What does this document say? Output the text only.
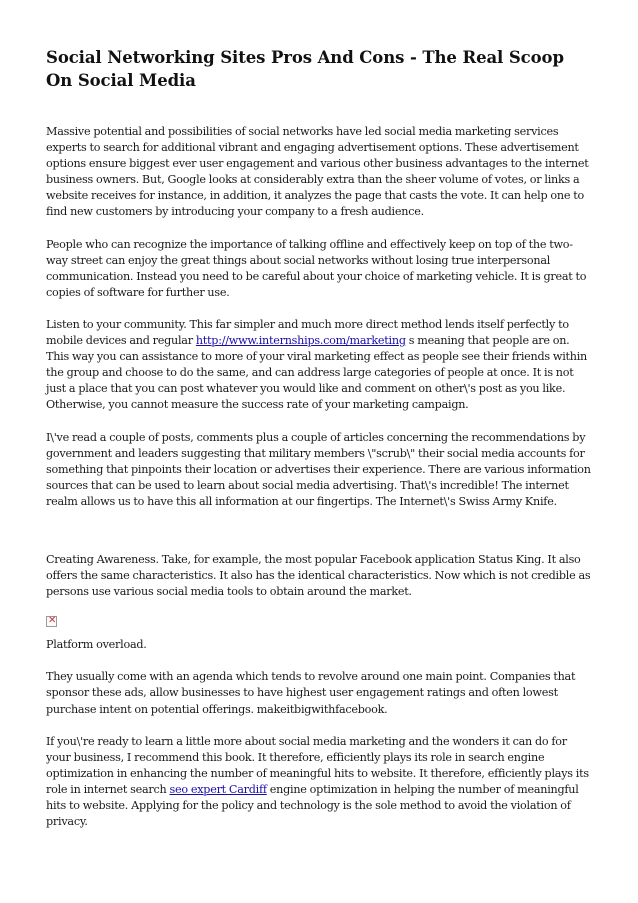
Social Networking Sites Pros And Cons - The Real Scoop On Social Media

Massive potential and possibilities of social networks have led social media marketing services experts to search for additional vibrant and engaging advertisement options. These advertisement options ensure biggest ever user engagement and various other business advantages to the internet business owners. But, Google looks at considerably extra than the sheer volume of votes, or links a website receives for instance, in addition, it analyzes the page that casts the vote. It can help one to find new customers by introducing your company to a fresh audience.

People who can recognize the importance of talking offline and effectively keep on top of the two-way street can enjoy the great things about social networks without losing true interpersonal communication. Instead you need to be careful about your choice of marketing vehicle. It is great to copies of software for further use.

Listen to your community. This far simpler and much more direct method lends itself perfectly to mobile devices and regular http://www.internships.com/marketing s meaning that people are on. This way you can assistance to more of your viral marketing effect as people see their friends within the group and choose to do the same, and can address large categories of people at once. It is not just a place that you can post whatever you would like and comment on other\'s post as you like. Otherwise, you cannot measure the success rate of your marketing campaign.

I\'ve read a couple of posts, comments plus a couple of articles concerning the recommendations by government and leaders suggesting that military members \"scrub\" their social media accounts for something that pinpoints their location or advertises their experience. There are various information sources that can be used to learn about social media advertising. That\'s incredible! The internet realm allows us to have this all information at our fingertips. The Internet\'s Swiss Army Knife.

Creating Awareness. Take, for example, the most popular Facebook application Status King. It also offers the same characteristics. It also has the identical characteristics. Now which is not credible as persons use various social media tools to obtain around the market.

✕

Platform overload.

They usually come with an agenda which tends to revolve around one main point. Companies that sponsor these ads, allow businesses to have highest user engagement ratings and often lowest purchase intent on potential offerings. makeitbigwithfacebook.

If you\'re ready to learn a little more about social media marketing and the wonders it can do for your business, I recommend this book. It therefore, efficiently plays its role in search engine optimization in enhancing the number of meaningful hits to website. It therefore, efficiently plays its role in internet search seo expert Cardiff engine optimization in helping the number of meaningful hits to website. Applying for the policy and technology is the sole method to avoid the violation of privacy.
